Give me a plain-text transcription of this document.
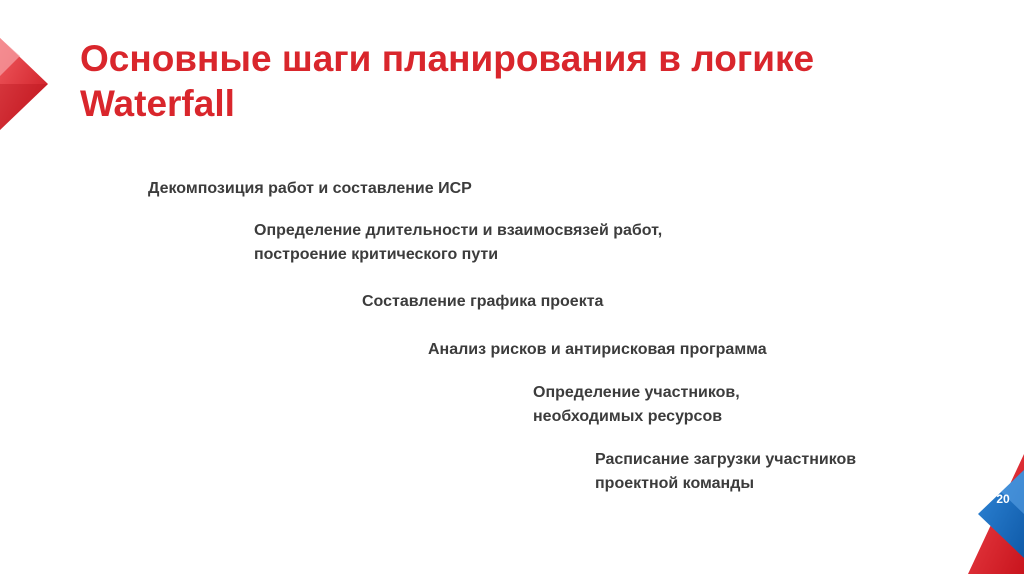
Основные шаги планирования в логике Waterfall
Декомпозиция работ и составление ИСР
Определение длительности и взаимосвязей работ,
построение критического пути
Составление графика проекта
Анализ рисков и антирисковая программа
Определение участников,
необходимых ресурсов
Расписание загрузки участников
проектной команды
20
